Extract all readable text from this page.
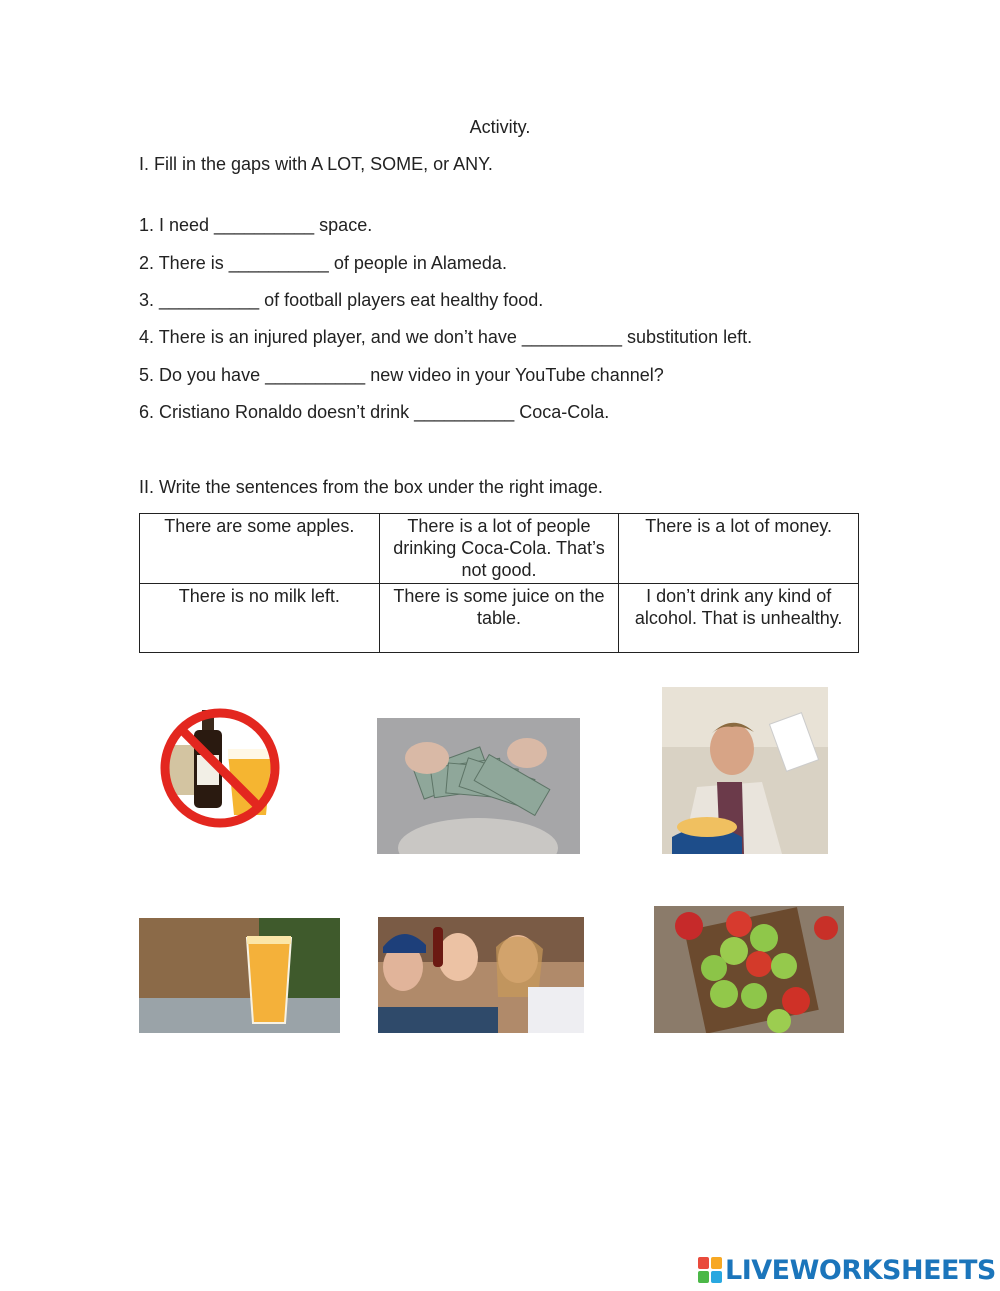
Activity.
I. Fill in the gaps with A LOT, SOME, or ANY.
1. I need __________ space.
2. There is __________ of people in Alameda.
3. __________ of football players eat healthy food.
4. There is an injured player, and we don’t have __________ substitution left.
5. Do you have __________ new video in your YouTube channel?
6. Cristiano Ronaldo doesn’t drink __________ Coca-Cola.
II. Write the sentences from the box under the right image.
There are some apples.	There is a lot of people drinking Coca-Cola. That’s not good.	There is a lot of money.
There is no milk left.	There is some juice on the table.	I don’t drink any kind of alcohol. That is unhealthy.
LIVEWORKSHEETS
